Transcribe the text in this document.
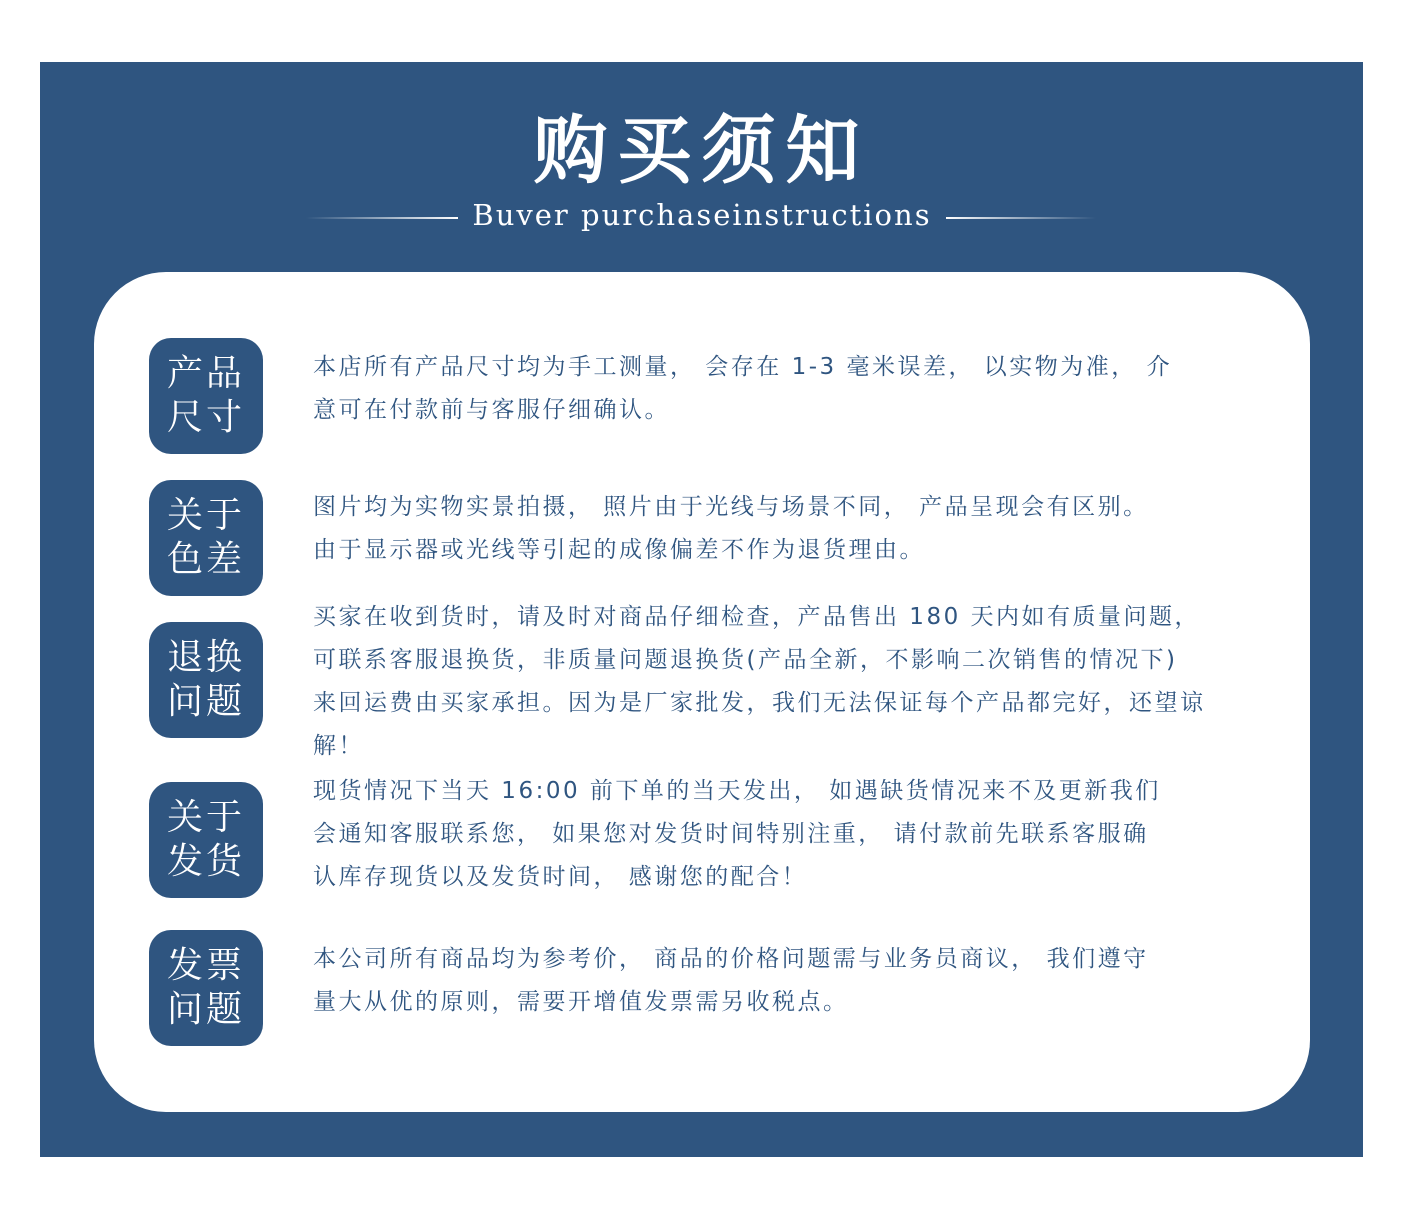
购买须知
Buver purchaseinstructions
产品
尺寸
本店所有产品尺寸均为手工测量， 会存在 1-3 毫米误差， 以实物为准， 介
意可在付款前与客服仔细确认。
关于
色差
图片均为实物实景拍摄， 照片由于光线与场景不同， 产品呈现会有区别。
由于显示器或光线等引起的成像偏差不作为退货理由。
退换
问题
买家在收到货时，请及时对商品仔细检查，产品售出 180 天内如有质量问题，
可联系客服退换货，非质量问题退换货(产品全新，不影响二次销售的情况下)
来回运费由买家承担。因为是厂家批发，我们无法保证每个产品都完好，还望谅
解！
关于
发货
现货情况下当天 16:00 前下单的当天发出， 如遇缺货情况来不及更新我们
会通知客服联系您， 如果您对发货时间特别注重， 请付款前先联系客服确
认库存现货以及发货时间， 感谢您的配合！
发票
问题
本公司所有商品均为参考价， 商品的价格问题需与业务员商议， 我们遵守
量大从优的原则，需要开增值发票需另收税点。
